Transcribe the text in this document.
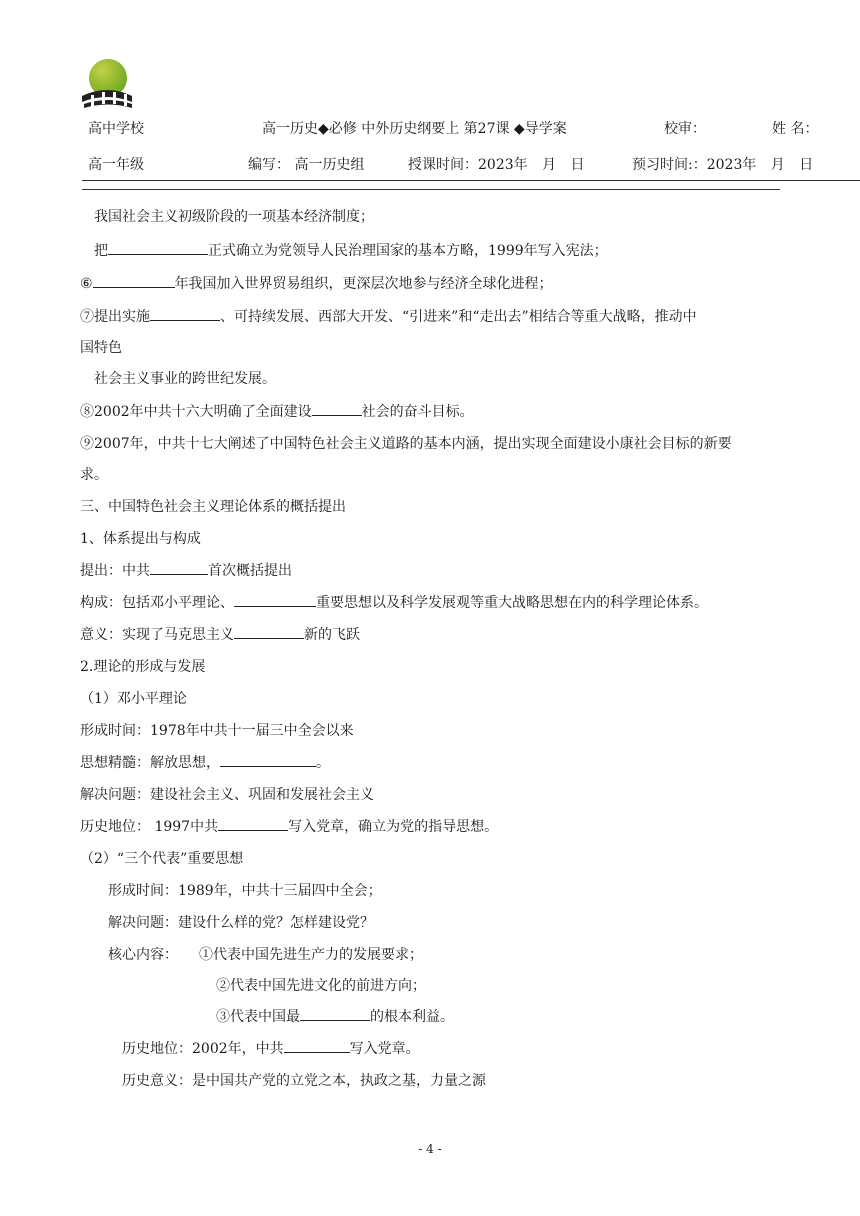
高中学校	高一历史◆必修 中外历史纲要上 第27课 ◆导学案	校审：	姓 名：
高一年级	编写： 高一历史组	授课时间：2023年 月 日	预习时间:：2023年 月 日
我国社会主义初级阶段的一项基本经济制度；
把	正式确立为党领导人民治理国家的基本方略，1999年写入宪法；
⑥	年我国加入世界贸易组织，更深层次地参与经济全球化进程；
⑦提出实施	、可持续发展、西部大开发、“引进来”和“走出去”相结合等重大战略，推动中
国特色
社会主义事业的跨世纪发展。
⑧2002年中共十六大明确了全面建设	社会的奋斗目标。
⑨2007年，中共十七大阐述了中国特色社会主义道路的基本内涵，提出实现全面建设小康社会目标的新要
求。
三、中国特色社会主义理论体系的概括提出
1、体系提出与构成
提出：中共	首次概括提出
构成：包括邓小平理论、	重要思想以及科学发展观等重大战略思想在内的科学理论体系。
意义：实现了马克思主义	新的飞跃
2.理论的形成与发展
（1）邓小平理论
形成时间：1978年中共十一届三中全会以来
思想精髓：解放思想，	。
解决问题：建设社会主义、巩固和发展社会主义
历史地位： 1997中共	写入党章，确立为党的指导思想。
（2）“三个代表”重要思想
形成时间：1989年，中共十三届四中全会；
解决问题：建设什么样的党？怎样建设党？
核心内容：　　①代表中国先进生产力的发展要求；
②代表中国先进文化的前进方向；
③代表中国最	的根本利益。
历史地位：2002年，中共	写入党章。
历史意义：是中国共产党的立党之本，执政之基，力量之源
- 4 -
